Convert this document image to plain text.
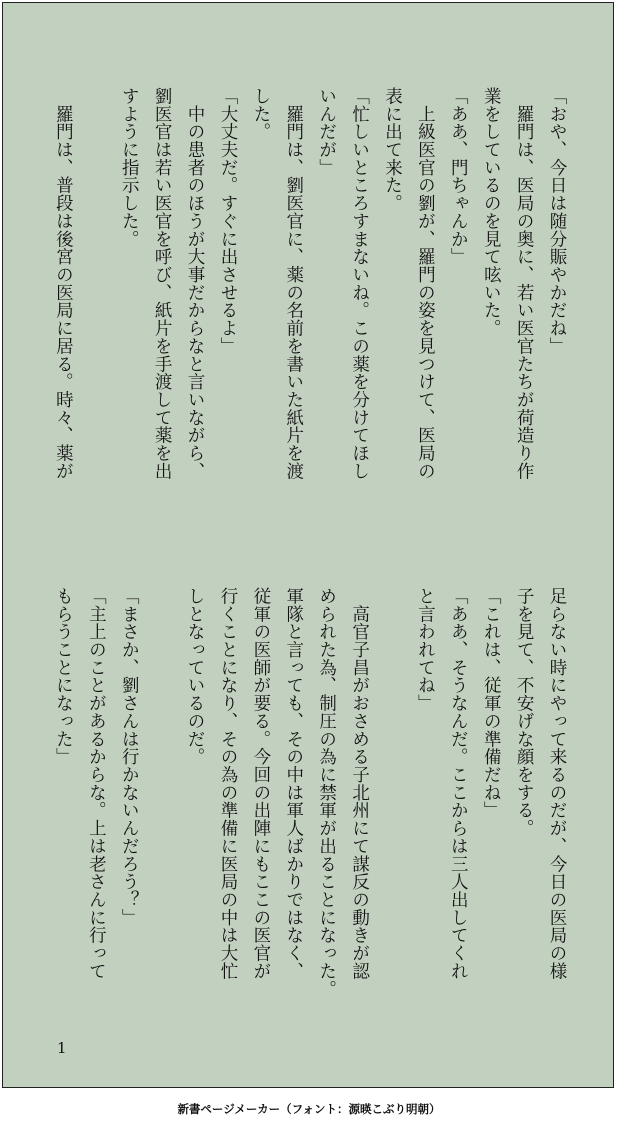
「おや、今日は随分賑やかだね」
　羅門は、医局の奥に、若い医官たちが荷造り作
業をしているのを見て呟いた。
「ああ、門ちゃんか」
　上級医官の劉が、羅門の姿を見つけて、医局の
表に出て来た。
「忙しいところすまないね。この薬を分けてほし
いんだが」
　羅門は、劉医官に、薬の名前を書いた紙片を渡
した。
「大丈夫だ。すぐに出させるよ」
　中の患者のほうが大事だからなと言いながら、
劉医官は若い医官を呼び、紙片を手渡して薬を出
すように指示した。

　羅門は、普段は後宮の医局に居る。時々、薬が
足らない時にやって来るのだが、今日の医局の様
子を見て、不安げな顔をする。
「これは、従軍の準備だね」
「ああ、そうなんだ。ここからは三人出してくれ
と言われてね」

　高官子昌がおさめる子北州にて謀反の動きが認
められた為、制圧の為に禁軍が出ることになった。
軍隊と言っても、その中は軍人ばかりではなく、
従軍の医師が要る。今回の出陣にもここの医官が
行くことになり、その為の準備に医局の中は大忙
しとなっているのだ。

「まさか、劉さんは行かないんだろう？」
「主上のことがあるからな。上は老さんに行って
もらうことになった」
1
新書ページメーカー（フォント：源暎こぶり明朝）
